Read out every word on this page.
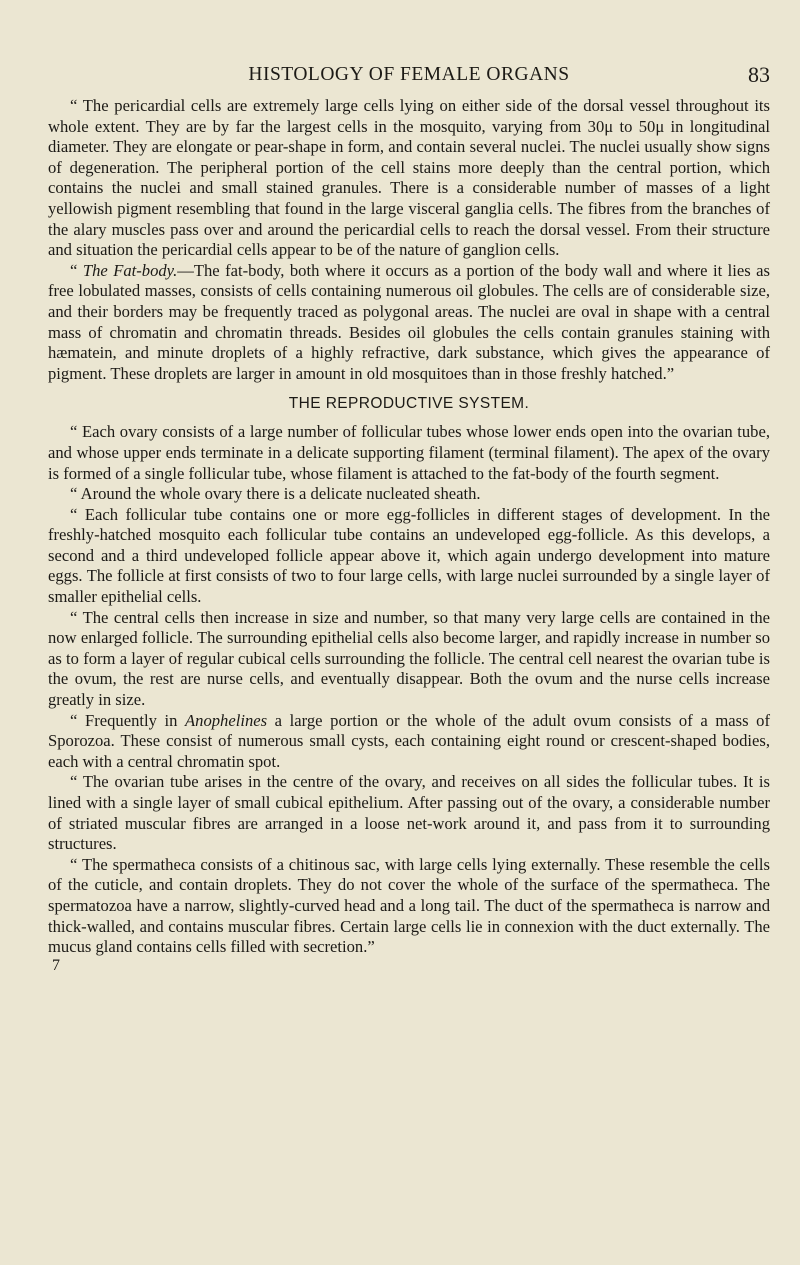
HISTOLOGY OF FEMALE ORGANS	83

“ The pericardial cells are extremely large cells lying on either side of the dorsal vessel throughout its whole extent. They are by far the largest cells in the mosquito, varying from 30μ to 50μ in longitudinal diameter. They are elongate or pear-shape in form, and contain several nuclei. The nuclei usually show signs of degeneration. The peripheral portion of the cell stains more deeply than the central portion, which contains the nuclei and small stained granules. There is a considerable number of masses of a light yellowish pigment resembling that found in the large visceral ganglia cells. The fibres from the branches of the alary muscles pass over and around the pericardial cells to reach the dorsal vessel. From their structure and situation the pericardial cells appear to be of the nature of ganglion cells.

“ The Fat-body.—The fat-body, both where it occurs as a portion of the body wall and where it lies as free lobulated masses, consists of cells containing numerous oil globules. The cells are of considerable size, and their borders may be frequently traced as polygonal areas. The nuclei are oval in shape with a central mass of chromatin and chromatin threads. Besides oil globules the cells contain granules staining with hæmatein, and minute droplets of a highly refractive, dark substance, which gives the appearance of pigment. These droplets are larger in amount in old mosquitoes than in those freshly hatched.”

THE REPRODUCTIVE SYSTEM.

“ Each ovary consists of a large number of follicular tubes whose lower ends open into the ovarian tube, and whose upper ends terminate in a delicate supporting filament (terminal filament). The apex of the ovary is formed of a single follicular tube, whose filament is attached to the fat-body of the fourth segment.

“ Around the whole ovary there is a delicate nucleated sheath.

“ Each follicular tube contains one or more egg-follicles in different stages of development. In the freshly-hatched mosquito each follicular tube contains an undeveloped egg-follicle. As this develops, a second and a third undeveloped follicle appear above it, which again undergo development into mature eggs. The follicle at first consists of two to four large cells, with large nuclei surrounded by a single layer of smaller epithelial cells.

“ The central cells then increase in size and number, so that many very large cells are contained in the now enlarged follicle. The surrounding epithelial cells also become larger, and rapidly increase in number so as to form a layer of regular cubical cells surrounding the follicle. The central cell nearest the ovarian tube is the ovum, the rest are nurse cells, and eventually disappear. Both the ovum and the nurse cells increase greatly in size.

“ Frequently in Anophelines a large portion or the whole of the adult ovum consists of a mass of Sporozoa. These consist of numerous small cysts, each containing eight round or crescent-shaped bodies, each with a central chromatin spot.

“ The ovarian tube arises in the centre of the ovary, and receives on all sides the follicular tubes. It is lined with a single layer of small cubical epithelium. After passing out of the ovary, a considerable number of striated muscular fibres are arranged in a loose net-work around it, and pass from it to surrounding structures.

“ The spermatheca consists of a chitinous sac, with large cells lying externally. These resemble the cells of the cuticle, and contain droplets. They do not cover the whole of the surface of the spermatheca. The spermatozoa have a narrow, slightly-curved head and a long tail. The duct of the spermatheca is narrow and thick-walled, and contains muscular fibres. Certain large cells lie in connexion with the duct externally. The mucus gland contains cells filled with secretion.”

7
